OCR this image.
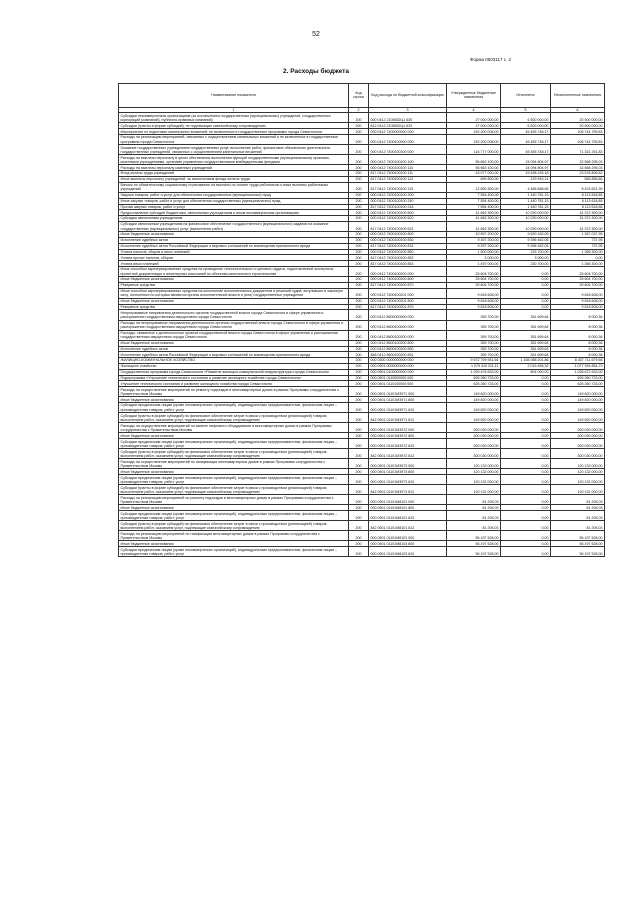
52
Форма 0503117 с. 2
2. Расходы бюджета
Наименование показателя	Код строки	Код расхода по бюджетной классификации	Утвержденные бюджетные назначения	Исполнено	Неисполненные назначения
1	2	3	4	5	6
Субсидии некоммерческим организациям (за исключением государственных (муниципальных) учреждений, государственных корпораций (компаний), публично-правовых компаний)	200	000 0412 2105552Ц1 630	27 000 000,00	6 500 000,00	20 500 000,00
Субсидии (гранты в форме субсидий), не подлежащие казначейскому сопровождению	200	812 0412 2105552Ц1 633	27 000 000,00	6 500 000,00	20 500 000,00
Мероприятия по подготовке капитальных вложений, не включенных в государственные программы города Севастополя	200	000 0412 7400000000 000	152 200 008,00	45 455 748,17	106 744 759,83
Расходы на реализацию мероприятий, связанных с осуществлением капитальных вложений и не включенных в государственные программы города Севастополя	200	000 0412 7400100000 000	152 200 008,00	45 455 748,17	106 744 759,83
Оказание государственных учреждением государственных услуг, выполнение работ, финансовое обеспечение деятельности государственных учреждений, связанных с осуществлением капитальных вложений	200	000 0412 7400100100 000	116 777 000,00	45 455 748,17	71 321 251,83
Расходы на выплаты персоналу в целях обеспечения выполнения функций государственными (муниципальными) органами, казенными учреждениями, органами управления государственными внебюджетными фондами	200	000 0412 7400100100 100	56 663 100,00	24 094 804,97	32 568 295,03
Расходы на выплаты персоналу казенных учреждений	200	000 0412 7400100100 110	56 663 100,00	24 094 804,97	32 568 295,03
Фонд оплаты труда учреждений	200	817 0412 7400100100 111	43 077 000,00	19 498 193,18	23 578 806,82
Иные выплаты персоналу учреждений, за исключением фонда оплаты труда	200	817 0412 7400100100 112	695 800,00	129 943,14	565 856,86
Взносы по обязательному социальному страхованию на выплаты по оплате труда работников и иные выплаты работникам учреждений	200	817 0412 7400100100 119	12 890 300,00	4 466 668,65	8 423 631,35
Закупка товаров, работ и услуг для обеспечения государственных (муниципальных) нужд	200	000 0412 7400100100 200	7 554 400,00	1 440 781,15	6 113 618,85
Иные закупки товаров, работ и услуг для обеспечения государственных (муниципальных) нужд	200	000 0412 7400100100 240	7 554 400,00	1 440 781,15	6 113 618,85
Прочая закупка товаров, работ и услуг	200	817 0412 7400100100 244	7 554 400,00	1 440 781,15	6 113 618,85
Предоставление субсидий бюджетным, автономным учреждениям и иным некоммерческим организациям	200	000 0412 7400100100 600	41 662 300,00	10 290 000,00	31 372 300,00
Субсидии автономным учреждениям	200	000 0412 7400100100 620	41 662 300,00	10 290 000,00	31 372 300,00
Субсидии автономным учреждениям на финансовое обеспечение государственного (муниципального) задания на оказание государственных (муниципальных) услуг (выполнение работ)	200	817 0412 7400100100 621	41 662 300,00	10 290 000,00	31 372 300,00
Иные бюджетные ассигнования	200	000 0412 7400100100 800	10 897 200,00	9 630 162,05	1 267 037,95
Исполнение судебных актов	200	000 0412 7400100100 830	9 397 200,00	9 396 462,05	737,95
Исполнение судебных актов Российской Федерации и мировых соглашений по возмещению причиненного вреда	200	817 0412 7400100100 831	9 397 200,00	9 396 462,05	737,95
Уплата налогов, сборов и иных платежей	200	000 0412 7400100100 850	1 500 000,00	233 700,00	1 266 300,00
Уплата прочих налогов, сборов	200	817 0412 7400100100 852	3 000,00	3 000,00	0,00
Уплата иных платежей	200	817 0412 7400100100 853	1 497 000,00	230 700,00	1 266 300,00
Иные способом зарезервированные средства на проведение технологического и ценового аудита, подготовленной экспертизы проектной документации и инженерных изысканий по объектам капитального строительства	200	000 0412 7400100200 000	25 604 700,00	0,00	25 604 700,00
Иные бюджетные ассигнования	200	000 0412 7400100200 800	25 604 700,00	0,00	25 604 700,00
Резервные средства	200	817 0412 7400100200 870	25 604 700,00	0,00	25 604 700,00
Иные способом зарезервированные средства на исполнение исполнительных документов и решений судов, вступивших в законную силу, отнесенных по которым являются органы исполнительной власти и (или) государственные учреждения	200	000 0412 7400100201 000	9 818 608,00	0,00	9 818 608,00
Иные бюджетные ассигнования	200	000 0412 7400100201 800	9 818 608,00	0,00	9 818 608,00
Резервные средства	200	817 0412 7400100201 870	9 818 608,00	0,00	9 818 608,00
Непрограммные направления деятельности органов государственной власти города Севастополя в сфере управления и распоряжения государственным имуществом города Севастополя	200	000 0412 8600000000 000	359 700,00	351 699,64	8 000,36
Расходы на непрограммные направления деятельности органов государственной власти города Севастополя в сфере управления и распоряжения государственным имуществом города Севастополя	200	000 0412 8600100000 000	359 700,00	351 699,64	8 000,36
Расходы, связанные с деятельностью органов государственной власти города Севастополя в сфере управления и распоряжения государственным имуществом города Севастополя	200	000 0412 8600100200 000	359 700,00	351 699,64	8 000,36
Иные бюджетные ассигнования	200	000 0412 8600100200 800	359 700,00	351 699,64	8 000,36
Исполнение судебных актов	200	000 0412 8600100200 830	359 700,00	351 699,64	8 000,36
Исполнение судебных актов Российской Федерации и мировых соглашений по возмещению причиненного вреда	200	848 0412 8600100200 831	359 700,00	351 699,64	8 000,36
ЖИЛИЩНО-КОММУНАЛЬНОЕ ХОЗЯЙСТВО	200	000 0500 0000000000 000	9 572 799 941,64	1 165 088 201,86	8 407 711 679,68
Жилищное хозяйство	200	000 0501 0000000000 000	1 079 410 311,11	2 015 456,32	1 077 394 854,79
Государственная программа города Севастополя «Развитие жилищно-коммунальной инфраструктуры города Севастополя»	200	000 0501 0100000000 000	1 029 476 633,00	804 000,00	1 028 672 633,00
Подпрограмма «Улучшение технического состояния и развитие жилищного хозяйства города Севастополя»	200	000 0501 0110000000 000	626 260 733,00	0,00	626 260 733,00
Улучшение технического состояния и развитие жилищного хозяйства города Севастополя	200	000 0501 0110100000 000	626 260 733,00	0,00	626 260 733,00
Расходы на осуществление мероприятий по ремонту подъездов в многоквартирных домах в рамках Программы сотрудничества с Правительством Москвы	200	000 0501 01101М3971 000	149 820 000,00	0,00	149 820 000,00
Иные бюджетные ассигнования	200	000 0501 01101М3971 800	149 820 000,00	0,00	149 820 000,00
Субсидии юридическим лицам (кроме некоммерческих организаций), индивидуальным предпринимателям, физическим лицам – производителям товаров, работ, услуг	200	000 0501 01101М3971 810	149 820 000,00	0,00	149 820 000,00
Субсидии (гранты в форме субсидий) на финансовое обеспечение затрат в связи с производством (реализацией) товаров, выполнением работ, оказанием услуг, подлежащие казначейскому сопровождению	200	842 0501 01101М3971 812	149 820 000,00	0,00	149 820 000,00
Расходы на осуществление мероприятий по замене лифтового оборудования в многоквартирных домах в рамках Программы сотрудничества с Правительством Москвы	200	000 0501 01101М3972 000	300 030 000,00	0,00	300 030 000,00
Иные бюджетные ассигнования	200	000 0501 01101М3972 800	300 030 000,00	0,00	300 030 000,00
Субсидии юридическим лицам (кроме некоммерческих организаций), индивидуальным предпринимателям, физическим лицам – производителям товаров, работ, услуг	200	000 0501 01101М3972 810	300 030 000,00	0,00	300 030 000,00
Субсидии (гранты в форме субсидий) на финансовое обеспечение затрат в связи с производством (реализацией) товаров, выполнением работ, оказанием услуг, подлежащие казначейскому сопровождению	200	842 0501 01101М3972 812	300 030 000,00	0,00	300 030 000,00
Расходы на осуществление мероприятий по газификации многоквартирных домов в рамках Программы сотрудничества с Правительством Москвы	200	000 0501 01101М3973 000	120 132 000,00	0,00	120 132 000,00
Иные бюджетные ассигнования	200	000 0501 01101М3973 800	120 132 000,00	0,00	120 132 000,00
Субсидии юридическим лицам (кроме некоммерческих организаций), индивидуальным предпринимателям, физическим лицам – производителям товаров, работ, услуг	200	000 0501 01101М3973 810	120 132 000,00	0,00	120 132 000,00
Субсидии (гранты в форме субсидий) на финансовое обеспечение затрат в связи с производством (реализацией) товаров, выполнением работ, оказанием услуг, подлежащие казначейскому сопровождению	200	842 0501 01101М3973 812	120 132 000,00	0,00	120 132 000,00
Расходы на реализацию мероприятий по ремонту подъездов в многоквартирных домах в рамках Программы сотрудничества с Правительством Москвы	200	000 0501 01101М8101 000	81 205,03	0,00	81 205,03
Иные бюджетные ассигнования	200	000 0501 01101М8101 800	81 205,03	0,00	81 205,03
Субсидии юридическим лицам (кроме некоммерческих организаций), индивидуальным предпринимателям, физическим лицам – производителям товаров, работ, услуг	200	000 0501 01101М8101 810	81 205,03	0,00	81 205,03
Субсидии (гранты в форме субсидий) на финансовое обеспечение затрат в связи с производством (реализацией) товаров, выполнением работ, оказанием услуг, подлежащие казначейскому сопровождению	200	842 0501 01101М8101 812	81 205,03	0,00	81 205,03
Расходы на реализацию мероприятий по газификации многоквартирных домов в рамках Программы сотрудничества с Правительством Москвы	200	000 0501 01101М8103 000	56 197 528,00	0,00	56 197 528,00
Иные бюджетные ассигнования	200	000 0501 01101М8103 800	56 197 528,00	0,00	56 197 528,00
Субсидии юридическим лицам (кроме некоммерческих организаций), индивидуальным предпринимателям, физическим лицам – производителям товаров, работ, услуг	200	000 0501 01101М8103 810	56 197 528,00	0,00	56 197 528,00
